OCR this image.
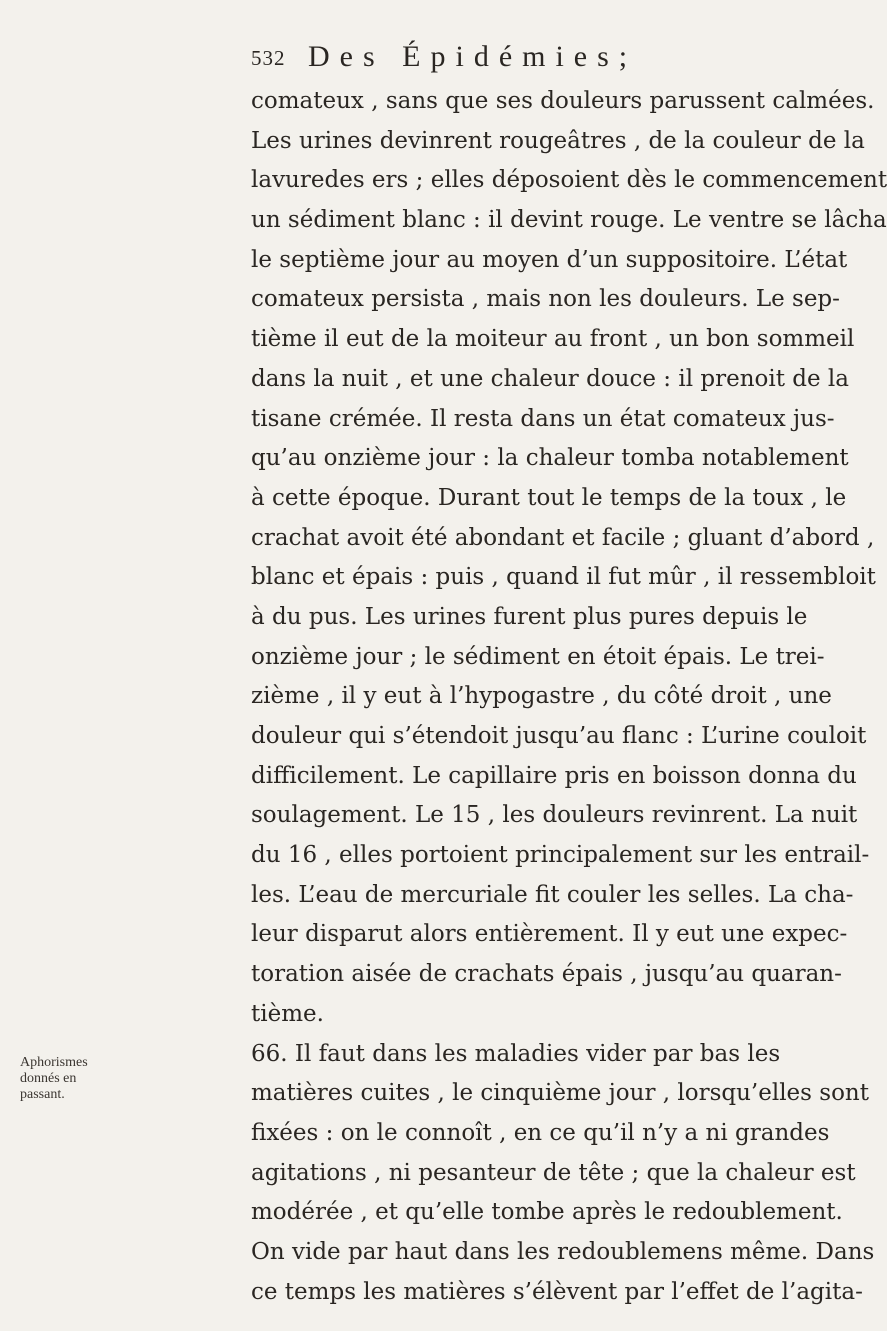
532 Des Épidémies;
Aphorismes
donnés en
passant.
comateux , sans que ses douleurs parussent calmées.
Les urines devinrent rougeâtres , de la couleur de la
lavuredes ers ; elles déposoient dès le commencement
un sédiment blanc : il devint rouge. Le ventre se lâcha
le septième jour au moyen d’un suppositoire. L’état
comateux persista , mais non les douleurs. Le sep-
tième il eut de la moiteur au front , un bon sommeil
dans la nuit , et une chaleur douce : il prenoit de la
tisane crémée. Il resta dans un état comateux jus-
qu’au onzième jour : la chaleur tomba notablement
à cette époque. Durant tout le temps de la toux , le
crachat avoit été abondant et facile ; gluant d’abord ,
blanc et épais : puis , quand il fut mûr , il ressembloit
à du pus. Les urines furent plus pures depuis le
onzième jour ; le sédiment en étoit épais. Le trei-
zième , il y eut à l’hypogastre , du côté droit , une
douleur qui s’étendoit jusqu’au flanc : L’urine couloit
difficilement. Le capillaire pris en boisson donna du
soulagement. Le 15 , les douleurs revinrent. La nuit
du 16 , elles portoient principalement sur les entrail-
les. L’eau de mercuriale fit couler les selles. La cha-
leur disparut alors entièrement. Il y eut une expec-
toration aisée de crachats épais , jusqu’au quaran-
tième.
66. Il faut dans les maladies vider par bas les
matières cuites , le cinquième jour , lorsqu’elles sont
fixées : on le connoît , en ce qu’il n’y a ni grandes
agitations , ni pesanteur de tête ; que la chaleur est
modérée , et qu’elle tombe après le redoublement.
On vide par haut dans les redoublemens même. Dans
ce temps les matières s’élèvent par l’effet de l’agita-
